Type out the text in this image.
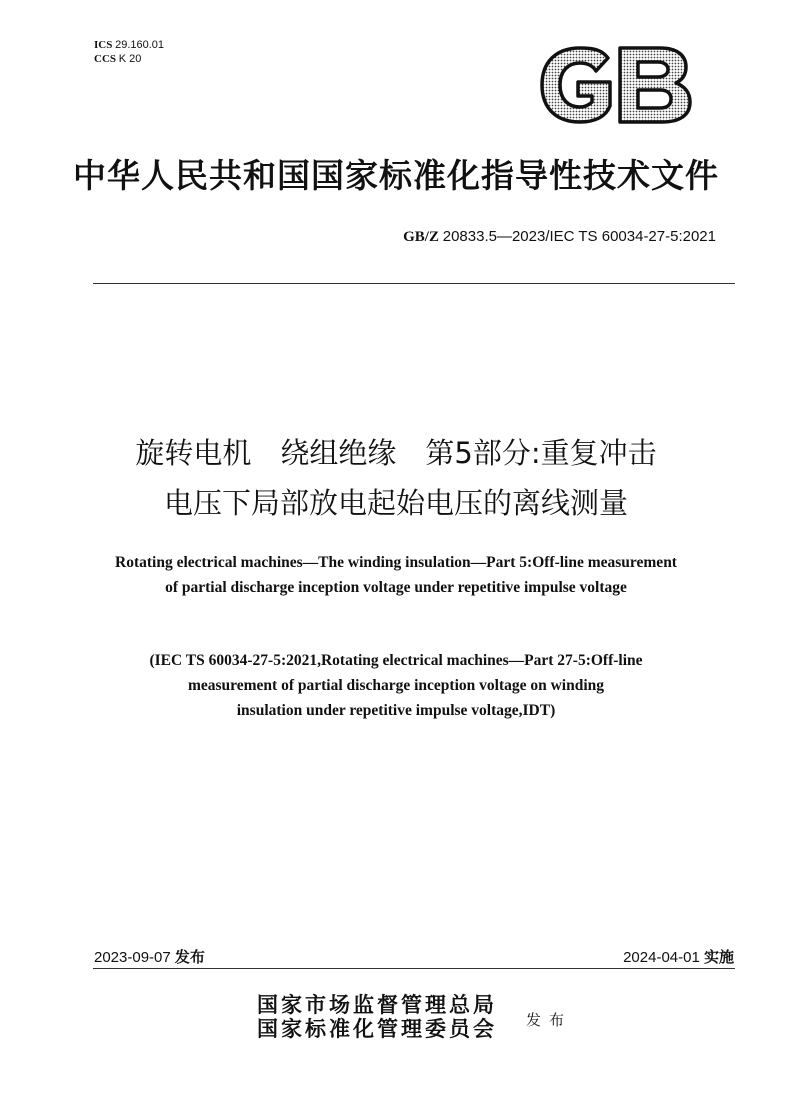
ICS 29.160.01
CCS K 20
中华人民共和国国家标准化指导性技术文件
GB/Z 20833.5—2023/IEC TS 60034-27-5:2021
旋转电机　绕组绝缘　第5部分:重复冲击
电压下局部放电起始电压的离线测量
Rotating electrical machines—The winding insulation—Part 5:Off-line measurement
of partial discharge inception voltage under repetitive impulse voltage
(IEC TS 60034-27-5:2021,Rotating electrical machines—Part 27-5:Off-line
measurement of partial discharge inception voltage on winding
insulation under repetitive impulse voltage,IDT)
2023-09-07 发布	2024-04-01 实施
国家市场监督管理总局
国家标准化管理委员会 发布
